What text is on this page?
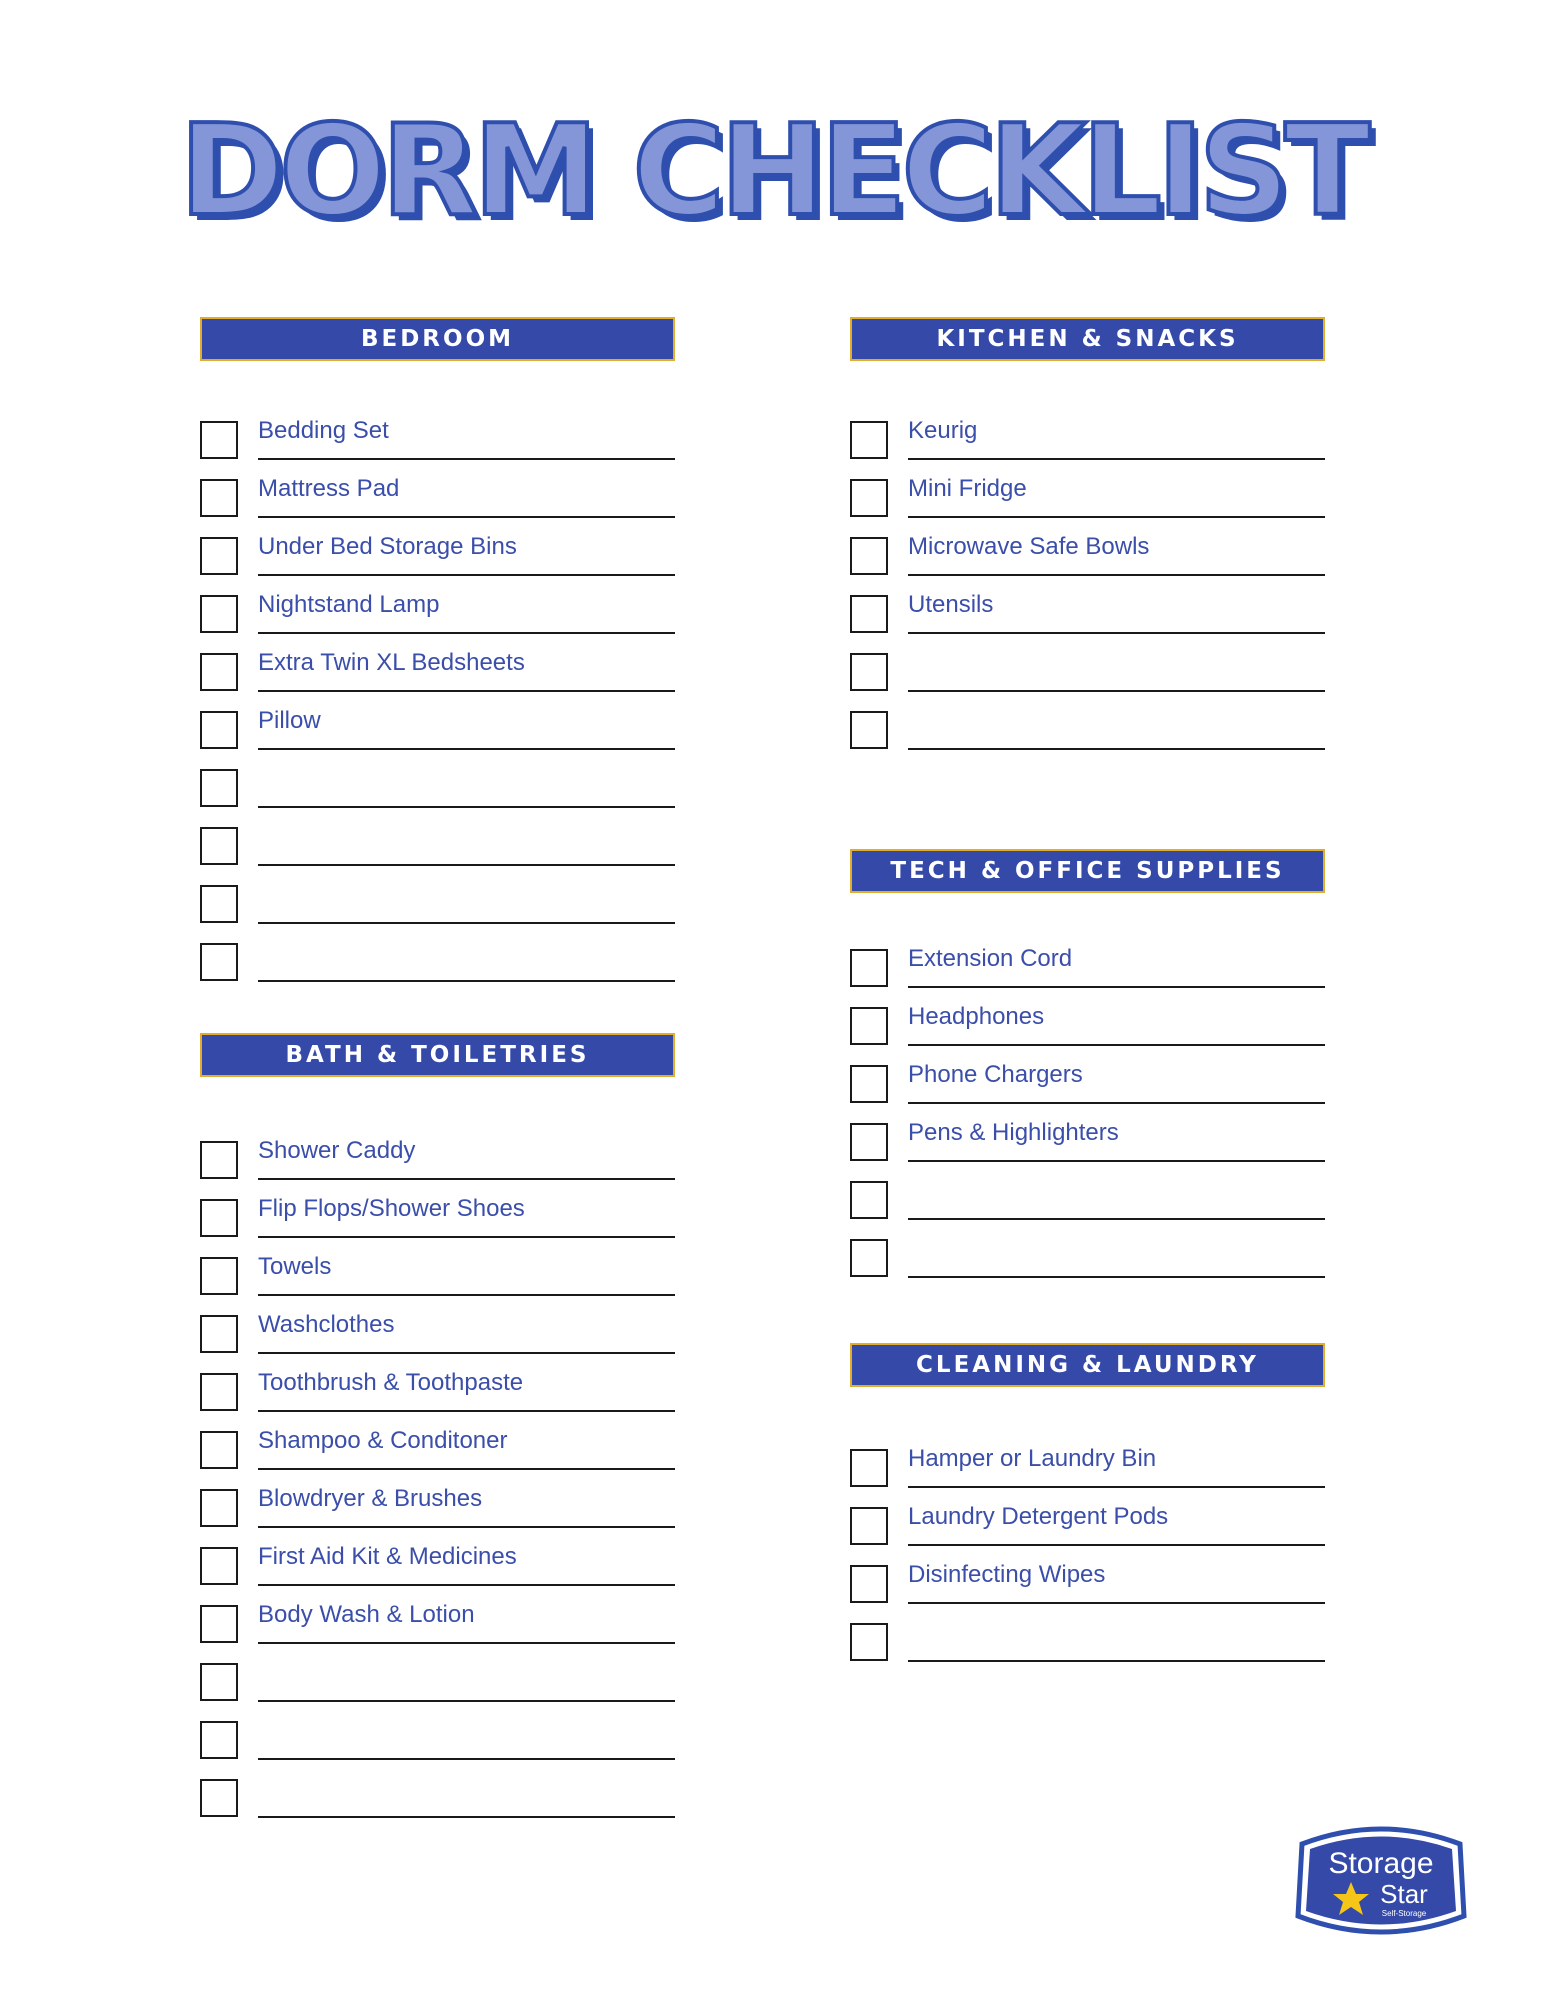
DORM CHECKLIST
BEDROOM
Bedding Set
Mattress Pad
Under Bed Storage Bins
Nightstand Lamp
Extra Twin XL Bedsheets
Pillow
BATH & TOILETRIES
Shower Caddy
Flip Flops/Shower Shoes
Towels
Washclothes
Toothbrush & Toothpaste
Shampoo & Conditoner
Blowdryer & Brushes
First Aid Kit & Medicines
Body Wash & Lotion
KITCHEN & SNACKS
Keurig
Mini Fridge
Microwave Safe Bowls
Utensils
TECH & OFFICE SUPPLIES
Extension Cord
Headphones
Phone Chargers
Pens & Highlighters
CLEANING & LAUNDRY
Hamper or Laundry Bin
Laundry Detergent Pods
Disinfecting Wipes
Storage
Star
Self-Storage
